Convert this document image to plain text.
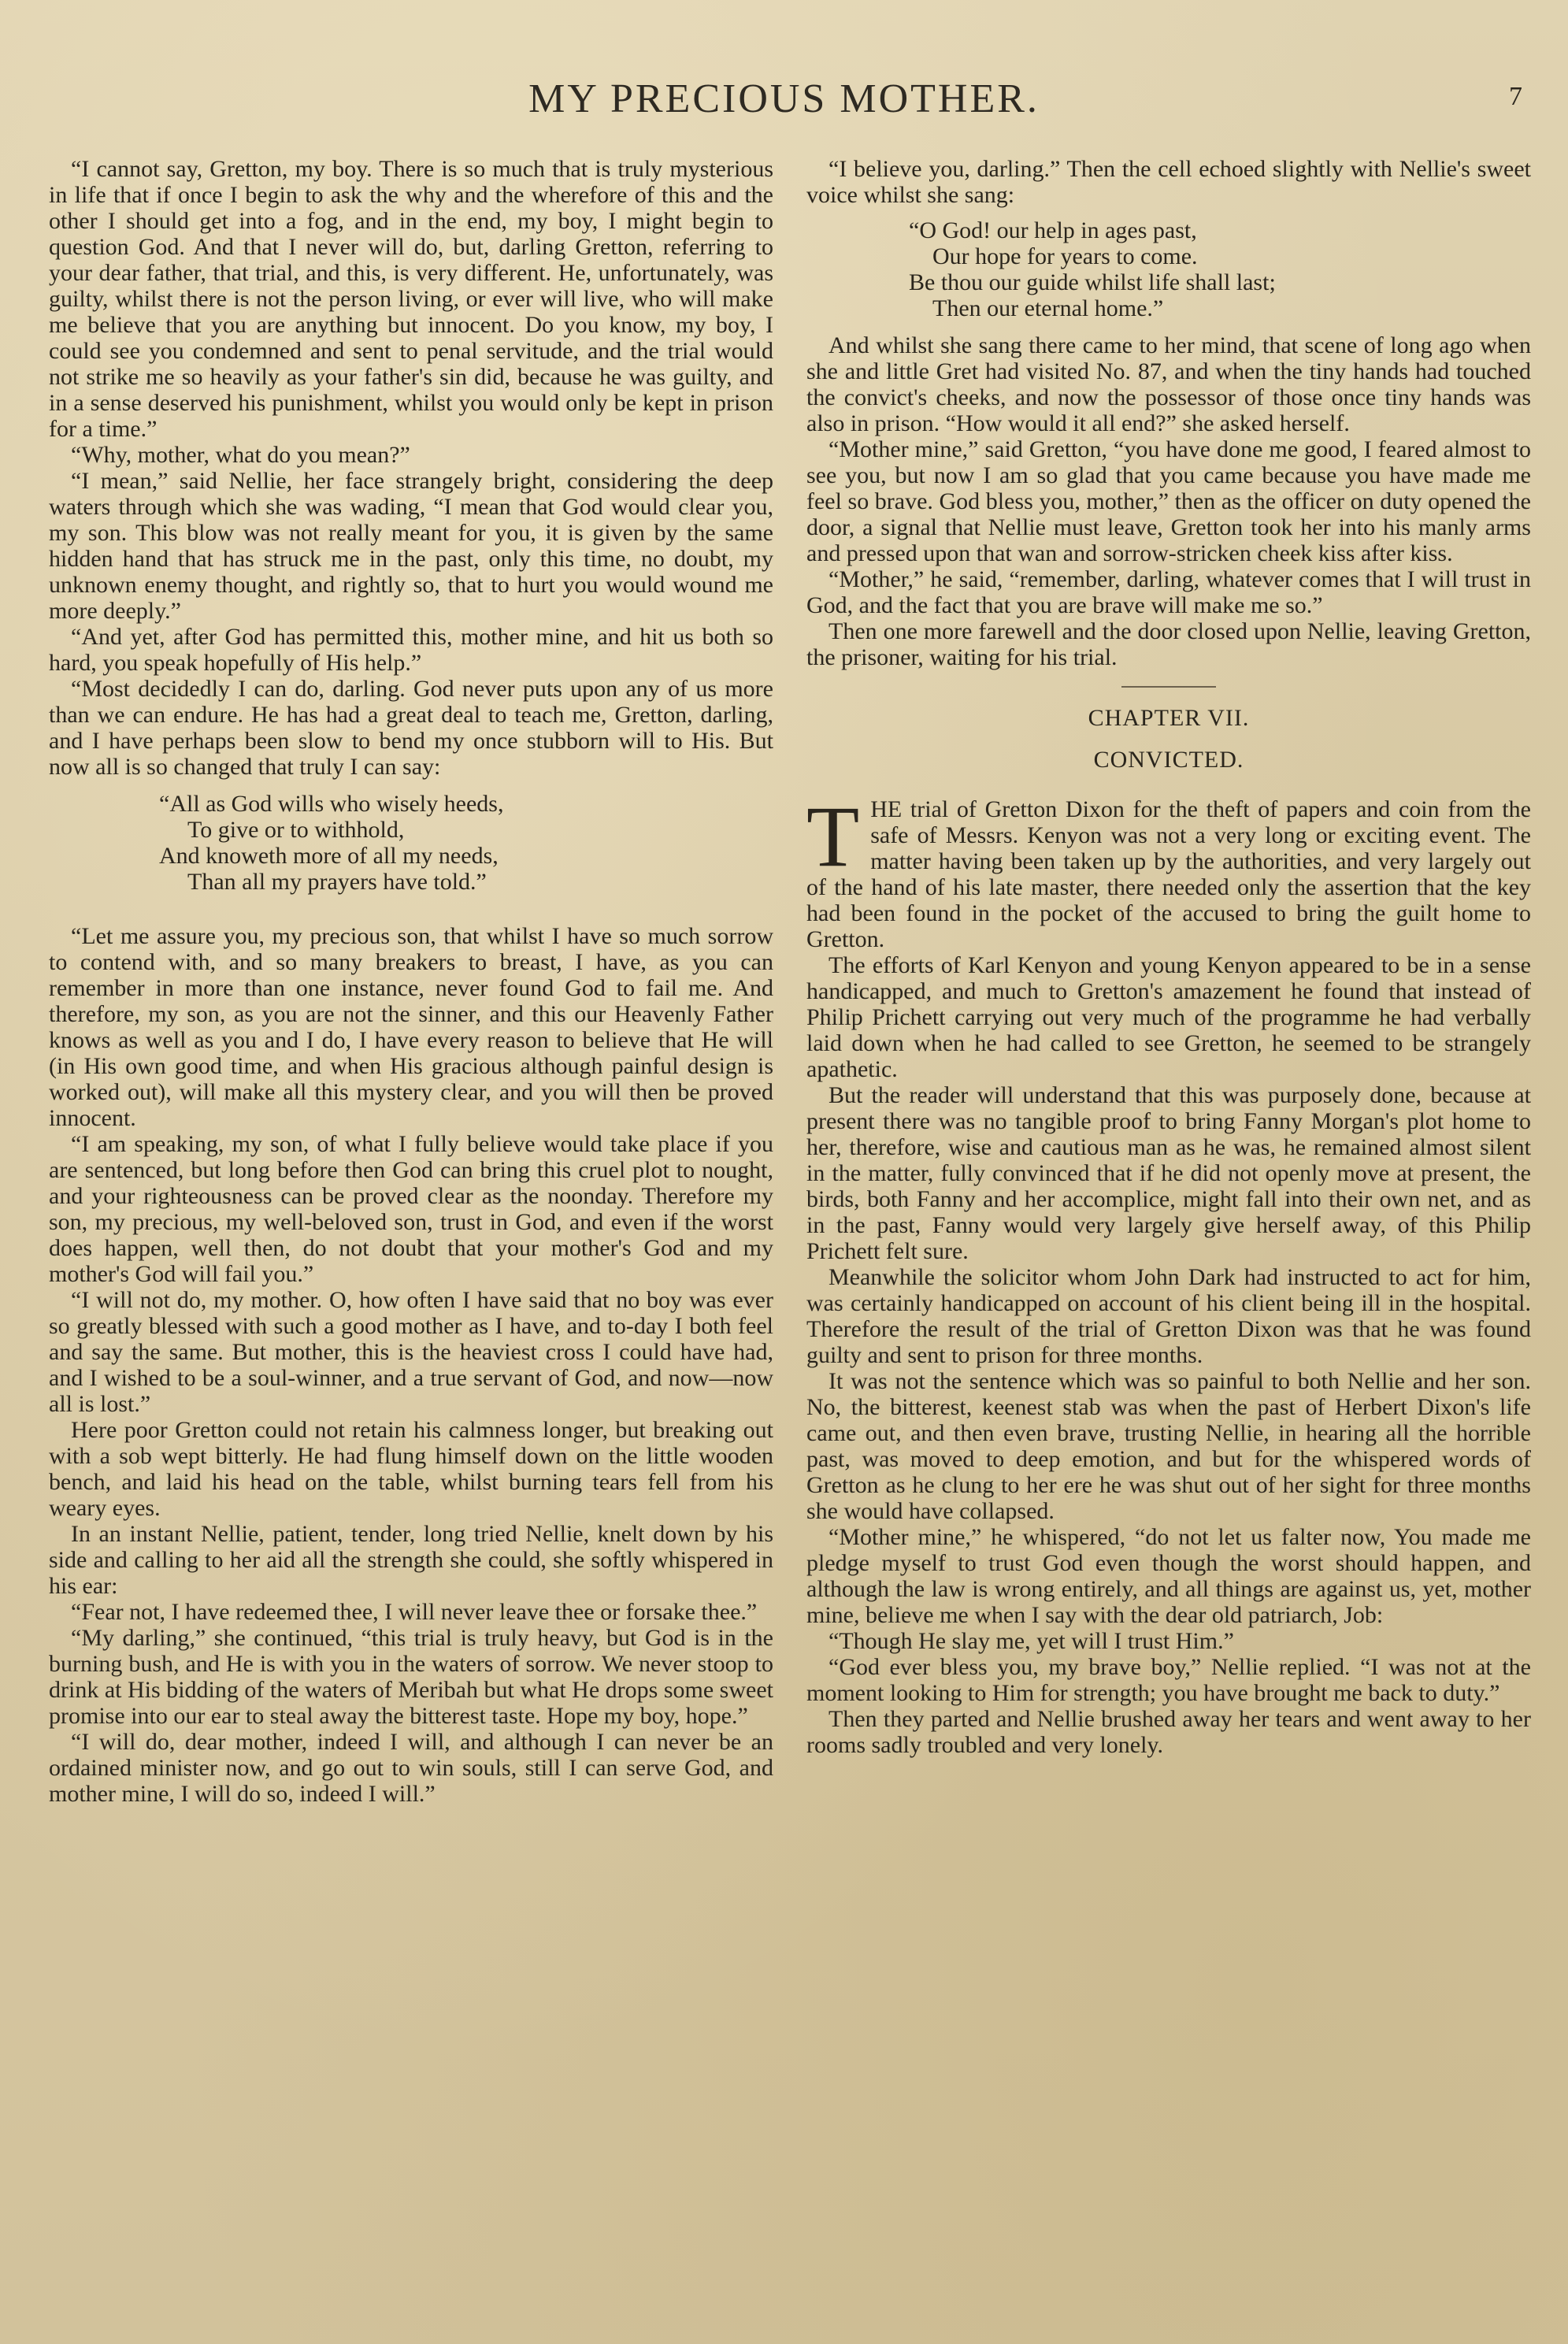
MY PRECIOUS MOTHER.	7

“I cannot say, Gretton, my boy. There is so much that is truly mysterious in life that if once I begin to ask the why and the wherefore of this and the other I should get into a fog, and in the end, my boy, I might begin to question God. And that I never will do, but, darling Gretton, referring to your dear father, that trial, and this, is very different. He, unfortunately, was guilty, whilst there is not the person living, or ever will live, who will make me believe that you are anything but innocent. Do you know, my boy, I could see you condemned and sent to penal servitude, and the trial would not strike me so heavily as your father's sin did, because he was guilty, and in a sense deserved his punishment, whilst you would only be kept in prison for a time.”

“Why, mother, what do you mean?”

“I mean,” said Nellie, her face strangely bright, considering the deep waters through which she was wading, “I mean that God would clear you, my son. This blow was not really meant for you, it is given by the same hidden hand that has struck me in the past, only this time, no doubt, my unknown enemy thought, and rightly so, that to hurt you would wound me more deeply.”

“And yet, after God has permitted this, mother mine, and hit us both so hard, you speak hopefully of His help.”

“Most decidedly I can do, darling. God never puts upon any of us more than we can endure. He has had a great deal to teach me, Gretton, darling, and I have perhaps been slow to bend my once stubborn will to His. But now all is so changed that truly I can say:

“All as God wills who wisely heeds,
To give or to withhold,
And knoweth more of all my needs,
Than all my prayers have told.”

“Let me assure you, my precious son, that whilst I have so much sorrow to contend with, and so many breakers to breast, I have, as you can remember in more than one instance, never found God to fail me. And therefore, my son, as you are not the sinner, and this our Heavenly Father knows as well as you and I do, I have every reason to believe that He will (in His own good time, and when His gracious although painful design is worked out), will make all this mystery clear, and you will then be proved innocent.

“I am speaking, my son, of what I fully believe would take place if you are sentenced, but long before then God can bring this cruel plot to nought, and your righteousness can be proved clear as the noonday. Therefore my son, my precious, my well-beloved son, trust in God, and even if the worst does happen, well then, do not doubt that your mother's God and my mother's God will fail you.”

“I will not do, my mother. O, how often I have said that no boy was ever so greatly blessed with such a good mother as I have, and to-day I both feel and say the same. But mother, this is the heaviest cross I could have had, and I wished to be a soul-winner, and a true servant of God, and now—now all is lost.”

Here poor Gretton could not retain his calmness longer, but breaking out with a sob wept bitterly. He had flung himself down on the little wooden bench, and laid his head on the table, whilst burning tears fell from his weary eyes.

In an instant Nellie, patient, tender, long tried Nellie, knelt down by his side and calling to her aid all the strength she could, she softly whispered in his ear:

“Fear not, I have redeemed thee, I will never leave thee or forsake thee.”

“My darling,” she continued, “this trial is truly heavy, but God is in the burning bush, and He is with you in the waters of sorrow. We never stoop to drink at His bidding of the waters of Meribah but what He drops some sweet promise into our ear to steal away the bitterest taste. Hope my boy, hope.”

“I will do, dear mother, indeed I will, and although I can never be an ordained minister now, and go out to win souls, still I can serve God, and mother mine, I will do so, indeed I will.”

“I believe you, darling.” Then the cell echoed slightly with Nellie's sweet voice whilst she sang:

“O God! our help in ages past,
Our hope for years to come.
Be thou our guide whilst life shall last;
Then our eternal home.”

And whilst she sang there came to her mind, that scene of long ago when she and little Gret had visited No. 87, and when the tiny hands had touched the convict's cheeks, and now the possessor of those once tiny hands was also in prison. “How would it all end?” she asked herself.

“Mother mine,” said Gretton, “you have done me good, I feared almost to see you, but now I am so glad that you came because you have made me feel so brave. God bless you, mother,” then as the officer on duty opened the door, a signal that Nellie must leave, Gretton took her into his manly arms and pressed upon that wan and sorrow-stricken cheek kiss after kiss.

“Mother,” he said, “remember, darling, whatever comes that I will trust in God, and the fact that you are brave will make me so.”

Then one more farewell and the door closed upon Nellie, leaving Gretton, the prisoner, waiting for his trial.

CHAPTER VII.
CONVICTED.

THE trial of Gretton Dixon for the theft of papers and coin from the safe of Messrs. Kenyon was not a very long or exciting event. The matter having been taken up by the authorities, and very largely out of the hand of his late master, there needed only the assertion that the key had been found in the pocket of the accused to bring the guilt home to Gretton.

The efforts of Karl Kenyon and young Kenyon appeared to be in a sense handicapped, and much to Gretton's amazement he found that instead of Philip Prichett carrying out very much of the programme he had verbally laid down when he had called to see Gretton, he seemed to be strangely apathetic.

But the reader will understand that this was purposely done, because at present there was no tangible proof to bring Fanny Morgan's plot home to her, therefore, wise and cautious man as he was, he remained almost silent in the matter, fully convinced that if he did not openly move at present, the birds, both Fanny and her accomplice, might fall into their own net, and as in the past, Fanny would very largely give herself away, of this Philip Prichett felt sure.

Meanwhile the solicitor whom John Dark had instructed to act for him, was certainly handicapped on account of his client being ill in the hospital. Therefore the result of the trial of Gretton Dixon was that he was found guilty and sent to prison for three months.

It was not the sentence which was so painful to both Nellie and her son. No, the bitterest, keenest stab was when the past of Herbert Dixon's life came out, and then even brave, trusting Nellie, in hearing all the horrible past, was moved to deep emotion, and but for the whispered words of Gretton as he clung to her ere he was shut out of her sight for three months she would have collapsed.

“Mother mine,” he whispered, “do not let us falter now, You made me pledge myself to trust God even though the worst should happen, and although the law is wrong entirely, and all things are against us, yet, mother mine, believe me when I say with the dear old patriarch, Job:

“Though He slay me, yet will I trust Him.”

“God ever bless you, my brave boy,” Nellie replied. “I was not at the moment looking to Him for strength; you have brought me back to duty.”

Then they parted and Nellie brushed away her tears and went away to her rooms sadly troubled and very lonely.
